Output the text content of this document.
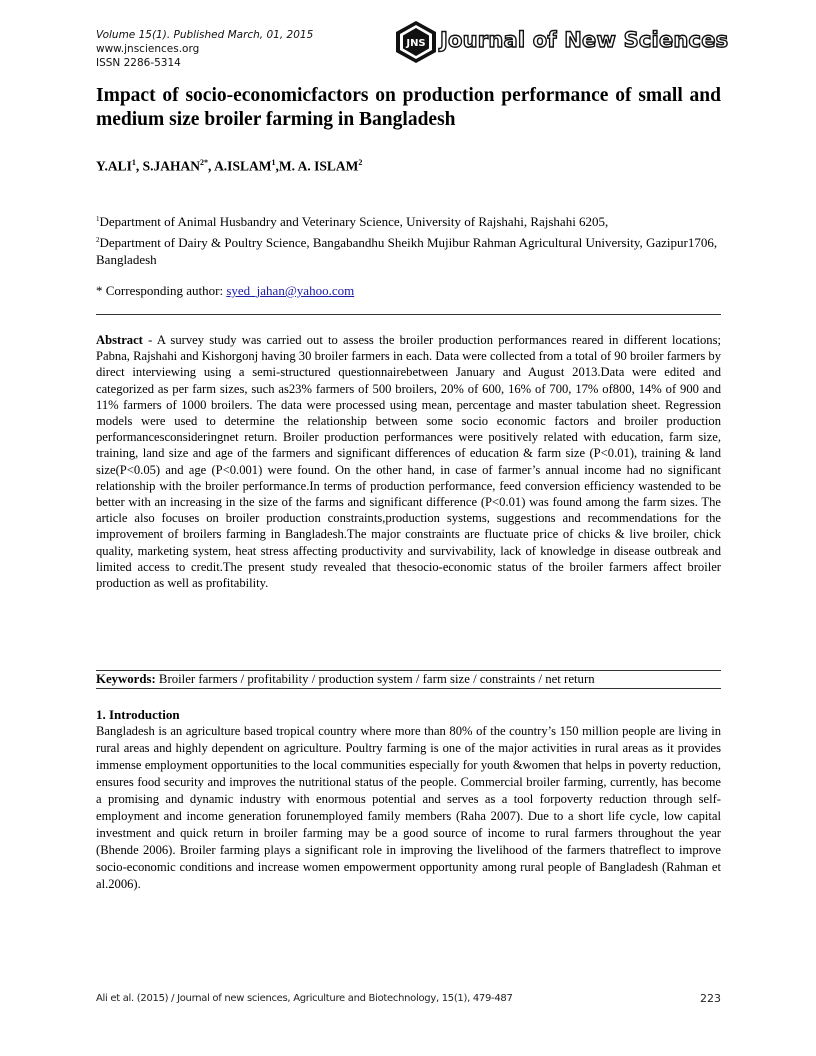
Volume 15(1). Published March, 01, 2015
www.jnsciences.org
ISSN 2286-5314
JNS Journal of New Sciences
Impact of socio-economicfactors on production performance of small and medium size broiler farming in Bangladesh
Y.ALI$^1$, $S.JAHAN^{2*}$, A.ISLAM$^1$,M. A. ISLAM$^2$
$^1$Department of Animal Husbandry and Veterinary Science, University of Rajshahi, Rajshahi 6205,
$^2$Department of Dairy & Poultry Science, Bangabandhu Sheikh Mujibur Rahman Agricultural University, Gazipur1706, Bangladesh
* Corresponding author: syed_jahan@yahoo.com
Abstract - A survey study was carried out to assess the broiler production performances reared in different locations; Pabna, Rajshahi and Kishorgonj having 30 broiler farmers in each. Data were collected from a total of 90 broiler farmers by direct interviewing using a semi-structured questionnairebetween January and August 2013.Data were edited and categorized as per farm sizes, such as23% farmers of 500 broilers, 20% of 600, 16% of 700, 17% of800, 14% of 900 and 11% farmers of 1000 broilers. The data were processed using mean, percentage and master tabulation sheet. Regression models were used to determine the relationship between some socio economic factors and broiler production performancesconsideringnet return. Broiler production performances were positively related with education, farm size, training, land size and age of the farmers and significant differences of education & farm size (P<0.01), training & land size(P<0.05) and age (P<0.001) were found. On the other hand, in case of farmer’s annual income had no significant relationship with the broiler performance.In terms of production performance, feed conversion efficiency wastended to be better with an increasing in the size of the farms and significant difference (P<0.01) was found among the farm sizes. The article also focuses on broiler production constraints,production systems, suggestions and recommendations for the improvement of broilers farming in Bangladesh.The major constraints are fluctuate price of chicks & live broiler, chick quality, marketing system, heat stress affecting productivity and survivability, lack of knowledge in disease outbreak and limited access to credit.The present study revealed that thesocio-economic status of the broiler farmers affect broiler production as well as profitability.
Keywords: Broiler farmers / profitability / production system / farm size / constraints / net return
1. Introduction
Bangladesh is an agriculture based tropical country where more than 80% of the country’s 150 million people are living in rural areas and highly dependent on agriculture. Poultry farming is one of the major activities in rural areas as it provides immense employment opportunities to the local communities especially for youth &women that helps in poverty reduction, ensures food security and improves the nutritional status of the people. Commercial broiler farming, currently, has become a promising and dynamic industry with enormous potential and serves as a tool forpoverty reduction through self-employment and income generation forunemployed family members (Raha 2007). Due to a short life cycle, low capital investment and quick return in broiler farming may be a good source of income to rural farmers throughout the year (Bhende 2006). Broiler farming plays a significant role in improving the livelihood of the farmers thatreflect to improve socio-economic conditions and increase women empowerment opportunity among rural people of Bangladesh (Rahman et al.2006).
Ali et al. (2015) / Journal of new sciences, Agriculture and Biotechnology, 15(1), 479-487	223
